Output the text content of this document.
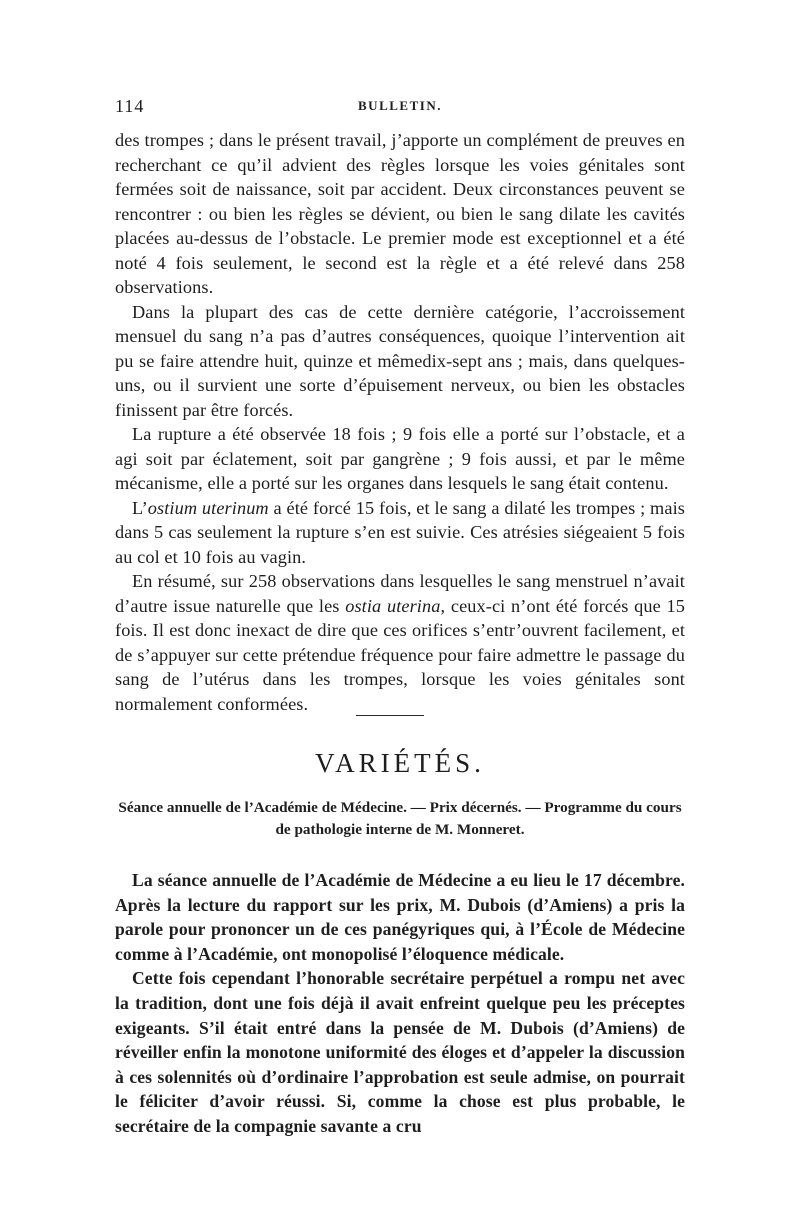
114	BULLETIN.

des trompes ; dans le présent travail, j’apporte un complément de preuves en recherchant ce qu’il advient des règles lorsque les voies génitales sont fermées soit de naissance, soit par accident. Deux circonstances peuvent se rencontrer : ou bien les règles se dévient, ou bien le sang dilate les cavités placées au-dessus de l’obstacle. Le premier mode est exceptionnel et a été noté 4 fois seulement, le second est la règle et a été relevé dans 258 observations.

Dans la plupart des cas de cette dernière catégorie, l’accroissement mensuel du sang n’a pas d’autres conséquences, quoique l’intervention ait pu se faire attendre huit, quinze et mêmedix-sept ans ; mais, dans quelques-uns, ou il survient une sorte d’épuisement nerveux, ou bien les obstacles finissent par être forcés.

La rupture a été observée 18 fois ; 9 fois elle a porté sur l’obstacle, et a agi soit par éclatement, soit par gangrène ; 9 fois aussi, et par le même mécanisme, elle a porté sur les organes dans lesquels le sang était contenu.

L’ostium uterinum a été forcé 15 fois, et le sang a dilaté les trompes ; mais dans 5 cas seulement la rupture s’en est suivie. Ces atrésies siégeaient 5 fois au col et 10 fois au vagin.

En résumé, sur 258 observations dans lesquelles le sang menstruel n’avait d’autre issue naturelle que les ostia uterina, ceux-ci n’ont été forcés que 15 fois. Il est donc inexact de dire que ces orifices s’entr’ouvrent facilement, et de s’appuyer sur cette prétendue fréquence pour faire admettre le passage du sang de l’utérus dans les trompes, lorsque les voies génitales sont normalement conformées.

VARIÉTÉS.
Séance annuelle de l’Académie de Médecine. — Prix décernés. — Programme du cours de pathologie interne de M. Monneret.

La séance annuelle de l’Académie de Médecine a eu lieu le 17 décembre. Après la lecture du rapport sur les prix, M. Dubois (d’Amiens) a pris la parole pour prononcer un de ces panégyriques qui, à l’École de Médecine comme à l’Académie, ont monopolisé l’éloquence médicale.

Cette fois cependant l’honorable secrétaire perpétuel a rompu net avec la tradition, dont une fois déjà il avait enfreint quelque peu les préceptes exigeants. S’il était entré dans la pensée de M. Dubois (d’Amiens) de réveiller enfin la monotone uniformité des éloges et d’appeler la discussion à ces solennités où d’ordinaire l’approbation est seule admise, on pourrait le féliciter d’avoir réussi. Si, comme la chose est plus probable, le secrétaire de la compagnie savante a cru
